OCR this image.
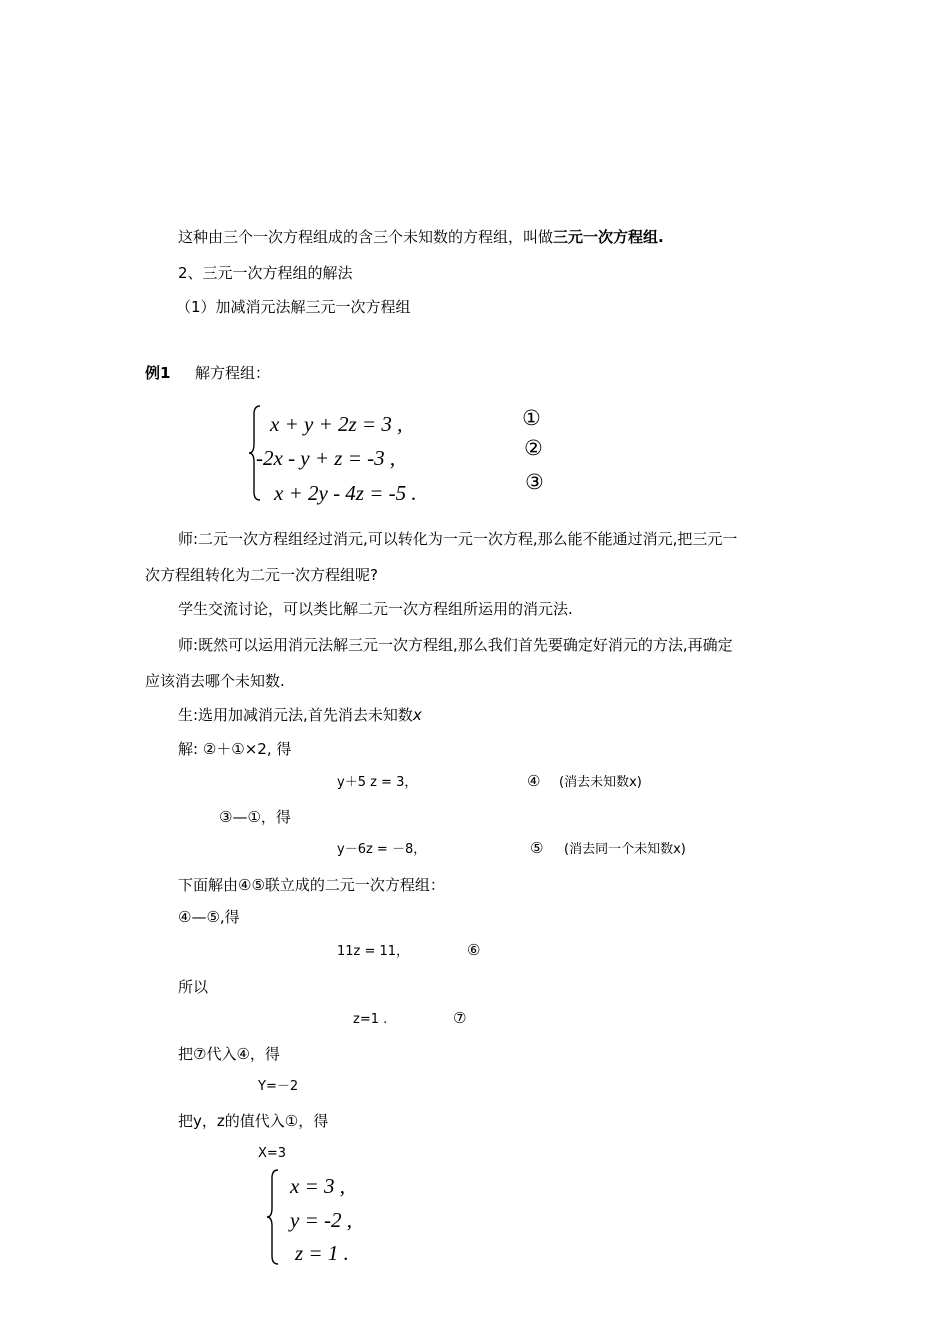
这种由三个一次方程组成的含三个未知数的方程组，叫做三元一次方程组.
2、三元一次方程组的解法
（1）加减消元法解三元一次方程组
例1 解方程组：
x + y + 2z = 3 ,	①
-2x - y + z = -3 ,	②
x + 2y - 4z = -5 .	③
师:二元一次方程组经过消元,可以转化为一元一次方程,那么能不能通过消元,把三元一
次方程组转化为二元一次方程组呢?
学生交流讨论，可以类比解二元一次方程组所运用的消元法.
师:既然可以运用消元法解三元一次方程组,那么我们首先要确定好消元的方法,再确定
应该消去哪个未知数.
生:选用加减消元法,首先消去未知数x
解: ②＋①×2, 得
y＋5 z = 3，	④ (消去未知数x)
③—①，得
y－6z = －8，	⑤ (消去同一个未知数x)
下面解由④⑤联立成的二元一次方程组：
④—⑤,得
11z = 11，	⑥
所以
z=1 .	⑦
把⑦代入④，得
Y=－2
把y，z的值代入①，得
X=3
x = 3 ,
y = -2 ,
z = 1 .
